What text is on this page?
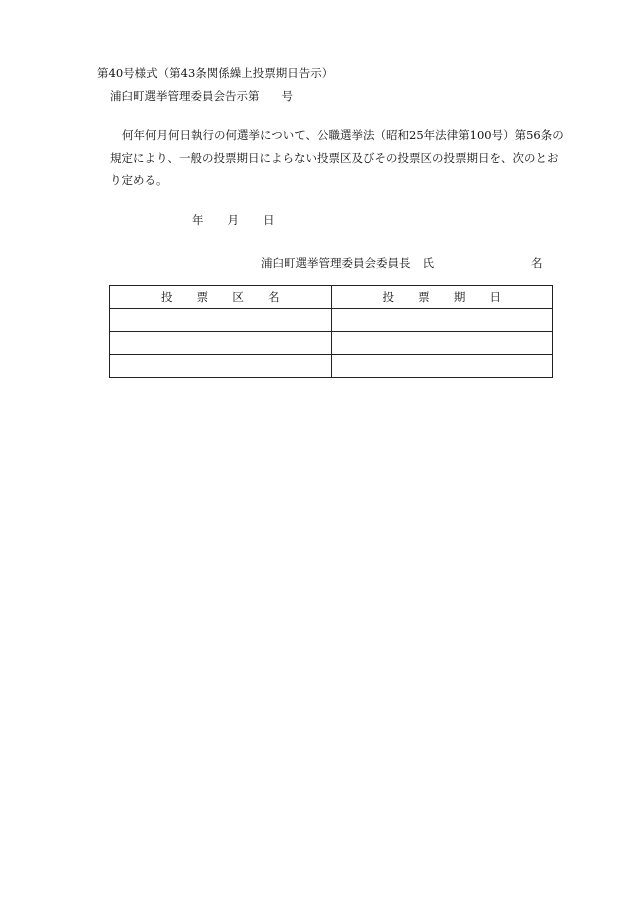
第40号様式（第43条関係繰上投票期日告示）
浦臼町選挙管理委員会告示第 号
何年何月何日執行の何選挙について、公職選挙法（昭和25年法律第100号）第56条の
規定により、一般の投票期日によらない投票区及びその投票区の投票期日を、次のとお
り定める。
年 月 日
浦臼町選挙管理委員会委員長 氏	名
投票区名	投票期日
